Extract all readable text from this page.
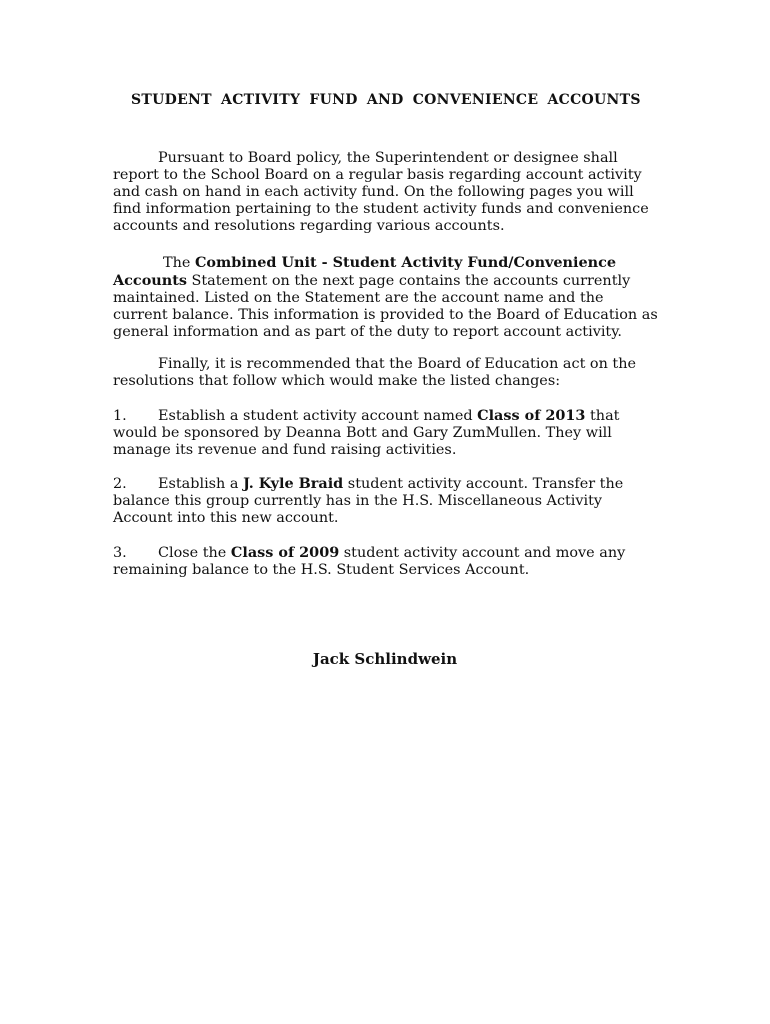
STUDENT ACTIVITY FUND AND CONVENIENCE ACCOUNTS

Pursuant to Board policy, the Superintendent or designee shall report to the School Board on a regular basis regarding account activity and cash on hand in each activity fund. On the following pages you will find information pertaining to the student activity funds and convenience accounts and resolutions regarding various accounts.

The Combined Unit - Student Activity Fund/Convenience Accounts Statement on the next page contains the accounts currently maintained. Listed on the Statement are the account name and the current balance. This information is provided to the Board of Education as general information and as part of the duty to report account activity.

Finally, it is recommended that the Board of Education act on the resolutions that follow which would make the listed changes:

1. Establish a student activity account named Class of 2013 that would be sponsored by Deanna Bott and Gary ZumMullen. They will manage its revenue and fund raising activities.

2. Establish a J. Kyle Braid student activity account. Transfer the balance this group currently has in the H.S. Miscellaneous Activity Account into this new account.

3. Close the Class of 2009 student activity account and move any remaining balance to the H.S. Student Services Account.

Jack Schlindwein
